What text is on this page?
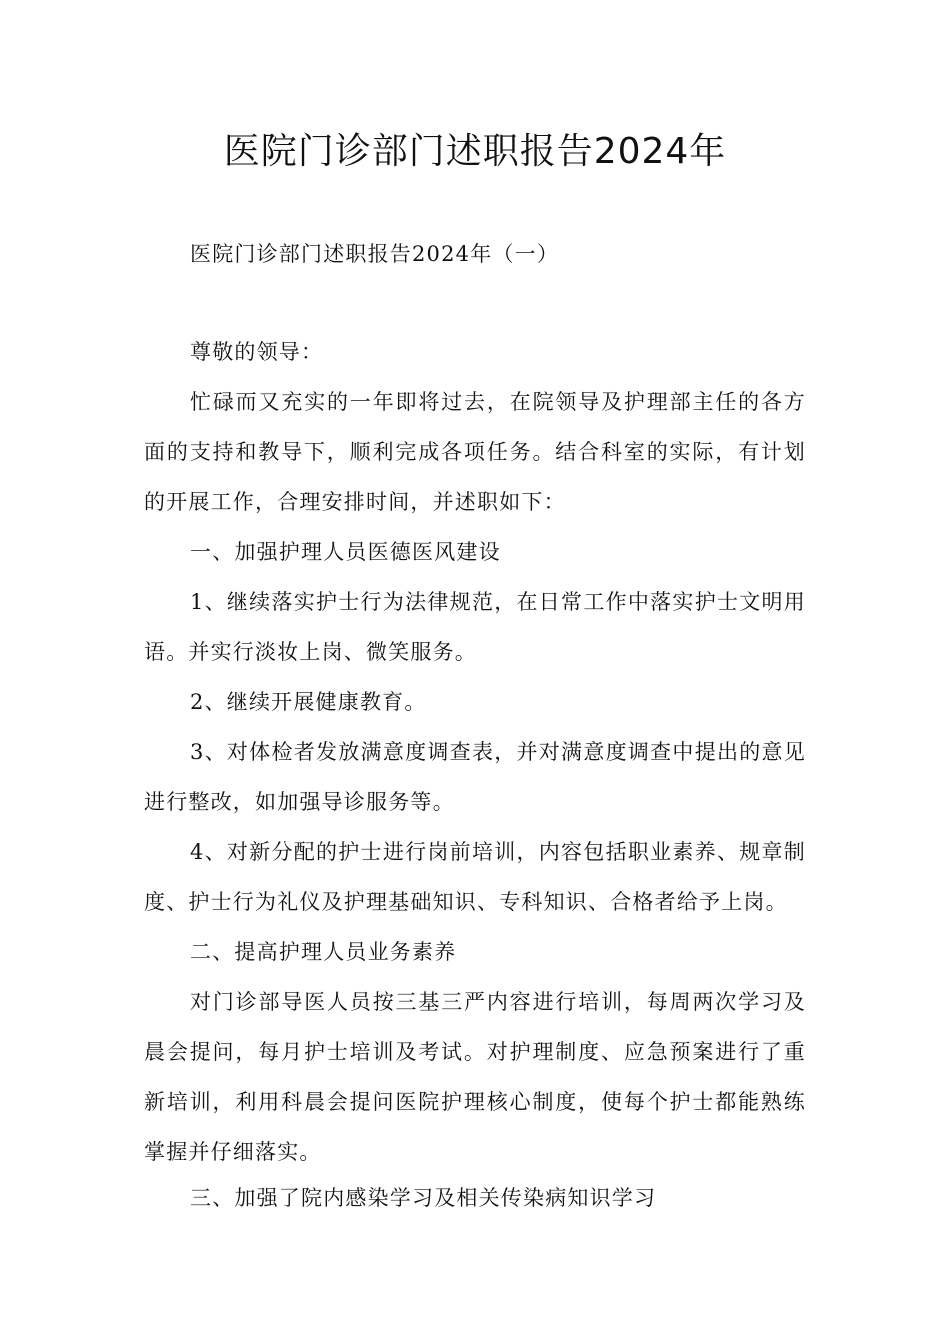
医院门诊部门述职报告2024年

医院门诊部门述职报告2024年（一）

尊敬的领导：

忙碌而又充实的一年即将过去，在院领导及护理部主任的各方面的支持和教导下，顺利完成各项任务。结合科室的实际，有计划的开展工作，合理安排时间，并述职如下：

一、加强护理人员医德医风建设

1、继续落实护士行为法律规范，在日常工作中落实护士文明用语。并实行淡妆上岗、微笑服务。

2、继续开展健康教育。

3、对体检者发放满意度调查表，并对满意度调查中提出的意见进行整改，如加强导诊服务等。

4、对新分配的护士进行岗前培训，内容包括职业素养、规章制度、护士行为礼仪及护理基础知识、专科知识、合格者给予上岗。

二、提高护理人员业务素养

对门诊部导医人员按三基三严内容进行培训，每周两次学习及晨会提问，每月护士培训及考试。对护理制度、应急预案进行了重新培训，利用科晨会提问医院护理核心制度，使每个护士都能熟练掌握并仔细落实。

三、加强了院内感染学习及相关传染病知识学习
